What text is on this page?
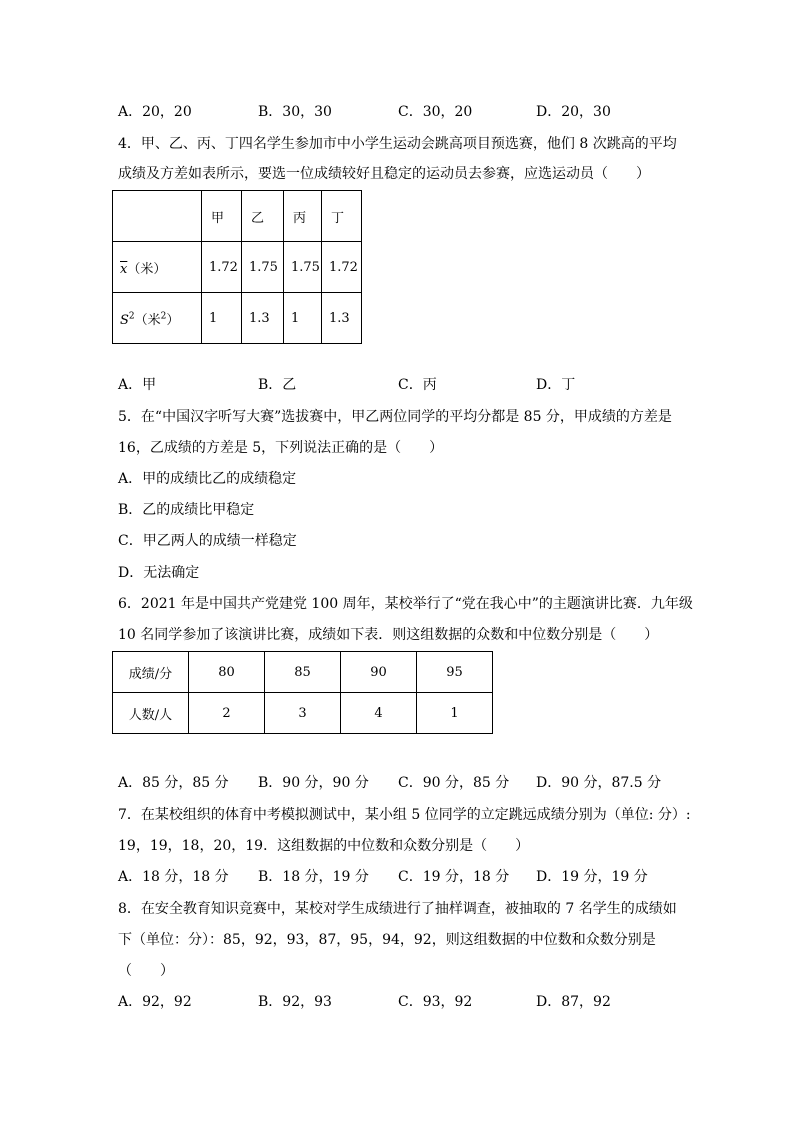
A．20，20	B．30，30	C．30，20	D．20，30
4．甲、乙、丙、丁四名学生参加市中小学生运动会跳高项目预选赛，他们 8 次跳高的平均
成绩及方差如表所示，要选一位成绩较好且稳定的运动员去参赛，应选运动员（　　）
	甲	乙	丙	丁
$\overline{x}$（米）	1.72	1.75	1.75	1.72
$S^2$（米$^2$）	1	1.3	1	1.3
A．甲	B．乙	C．丙	D．丁
5．在“中国汉字听写大赛”选拔赛中，甲乙两位同学的平均分都是 85 分，甲成绩的方差是
16，乙成绩的方差是 5，下列说法正确的是（　　）
A．甲的成绩比乙的成绩稳定
B．乙的成绩比甲稳定
C．甲乙两人的成绩一样稳定
D．无法确定
6．2021 年是中国共产党建党 100 周年，某校举行了“党在我心中”的主题演讲比赛．九年级
10 名同学参加了该演讲比赛，成绩如下表．则这组数据的众数和中位数分别是（　　）
成绩/分	80	85	90	95
人数/人	2	3	4	1
A．85 分，85 分 B．90 分，90 分 C．90 分，85 分 D．90 分，87.5 分
7．在某校组织的体育中考模拟测试中，某小组 5 位同学的立定跳远成绩分别为（单位: 分）:
19，19，18，20，19．这组数据的中位数和众数分别是（　　）
A．18 分，18 分 B．18 分，19 分 C．19 分，18 分 D．19 分，19 分
8．在安全教育知识竞赛中，某校对学生成绩进行了抽样调查，被抽取的 7 名学生的成绩如
下（单位：分）：85，92，93，87，95，94，92，则这组数据的中位数和众数分别是
（　　）
A．92，92	B．92，93	C．93，92	D．87，92
